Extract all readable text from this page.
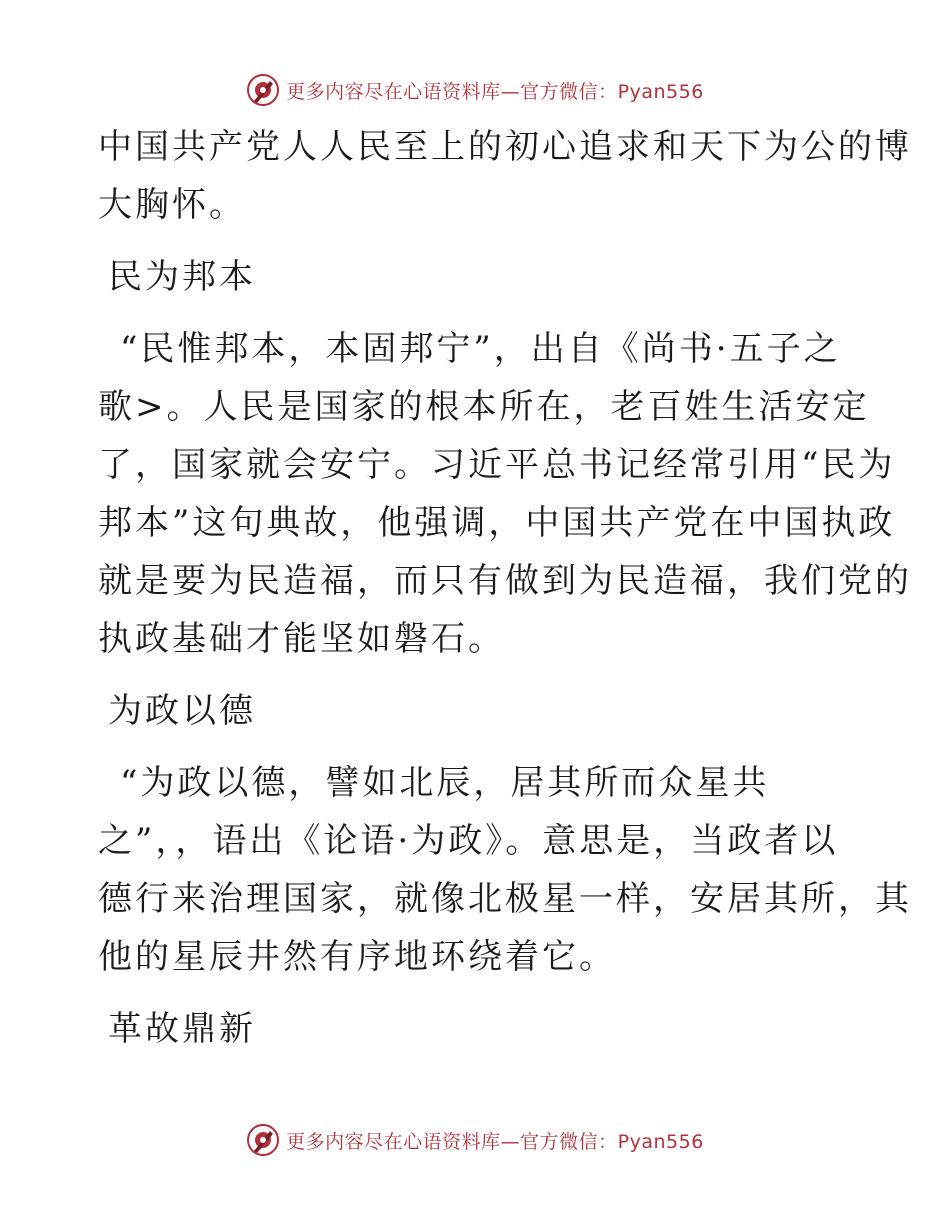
更多内容尽在心语资料库—官方微信：Pyan556
中国共产党人人民至上的初心追求和天下为公的博
大胸怀。
民为邦本
“民惟邦本，本固邦宁”，出自《尚书·五子之
歌>。人民是国家的根本所在，老百姓生活安定
了，国家就会安宁。习近平总书记经常引用“民为
邦本”这句典故，他强调，中国共产党在中国执政
就是要为民造福，而只有做到为民造福，我们党的
执政基础才能坚如磐石。
为政以德
“为政以德，譬如北辰，居其所而众星共
之”，，语出《论语·为政》。意思是，当政者以
德行来治理国家，就像北极星一样，安居其所，其
他的星辰井然有序地环绕着它。
革故鼎新
更多内容尽在心语资料库—官方微信：Pyan556
